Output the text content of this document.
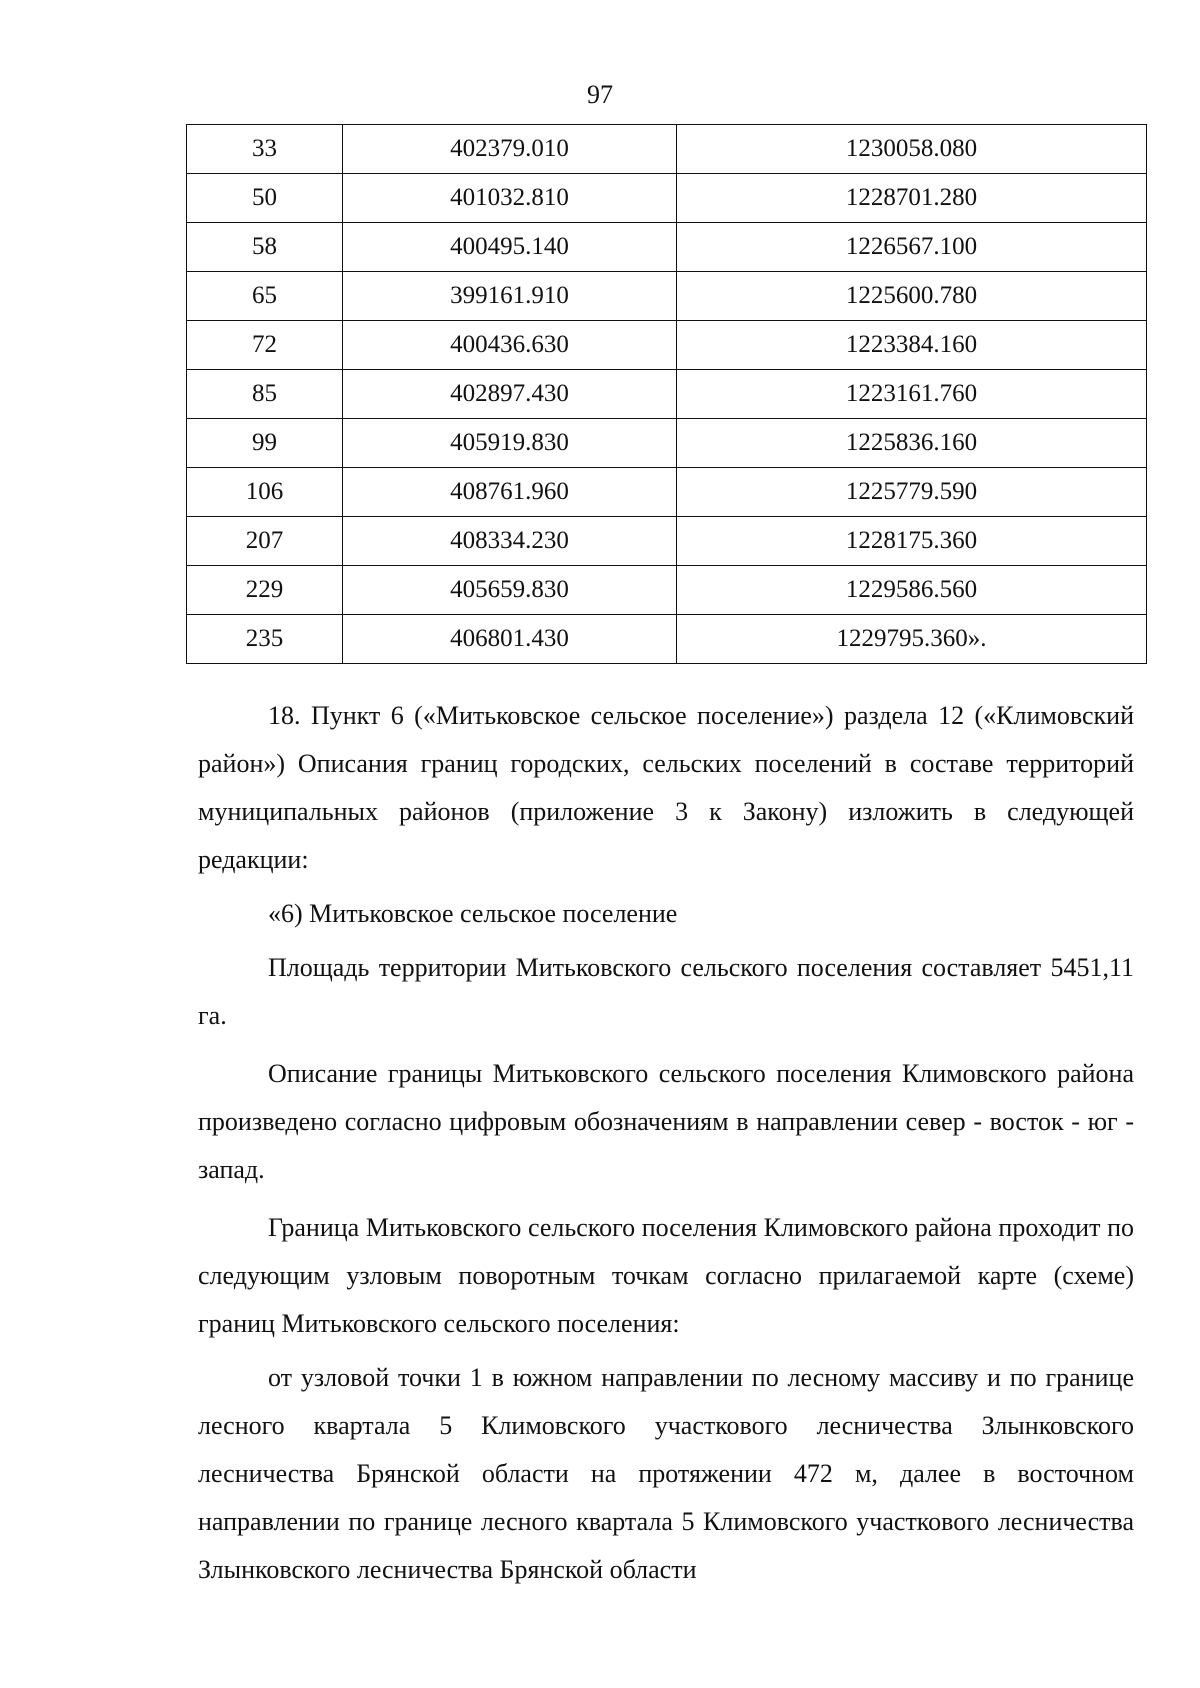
97
33	402379.010	1230058.080
50	401032.810	1228701.280
58	400495.140	1226567.100
65	399161.910	1225600.780
72	400436.630	1223384.160
85	402897.430	1223161.760
99	405919.830	1225836.160
106	408761.960	1225779.590
207	408334.230	1228175.360
229	405659.830	1229586.560
235	406801.430	1229795.360».

18. Пункт 6 («Митьковское сельское поселение») раздела 12 («Климовский район») Описания границ городских, сельских поселений в составе территорий муниципальных районов (приложение 3 к Закону) изложить в следующей редакции:

«6) Митьковское сельское поселение

Площадь территории Митьковского сельского поселения составляет 5451,11 га.

Описание границы Митьковского сельского поселения Климовского района произведено согласно цифровым обозначениям в направлении север - восток - юг - запад.

Граница Митьковского сельского поселения Климовского района проходит по следующим узловым поворотным точкам согласно прилагаемой карте (схеме) границ Митьковского сельского поселения:

от узловой точки 1 в южном направлении по лесному массиву и по границе лесного квартала 5 Климовского участкового лесничества Злынковского лесничества Брянской области на протяжении 472 м, далее в восточном направлении по границе лесного квартала 5 Климовского участкового лесничества Злынковского лесничества Брянской области
